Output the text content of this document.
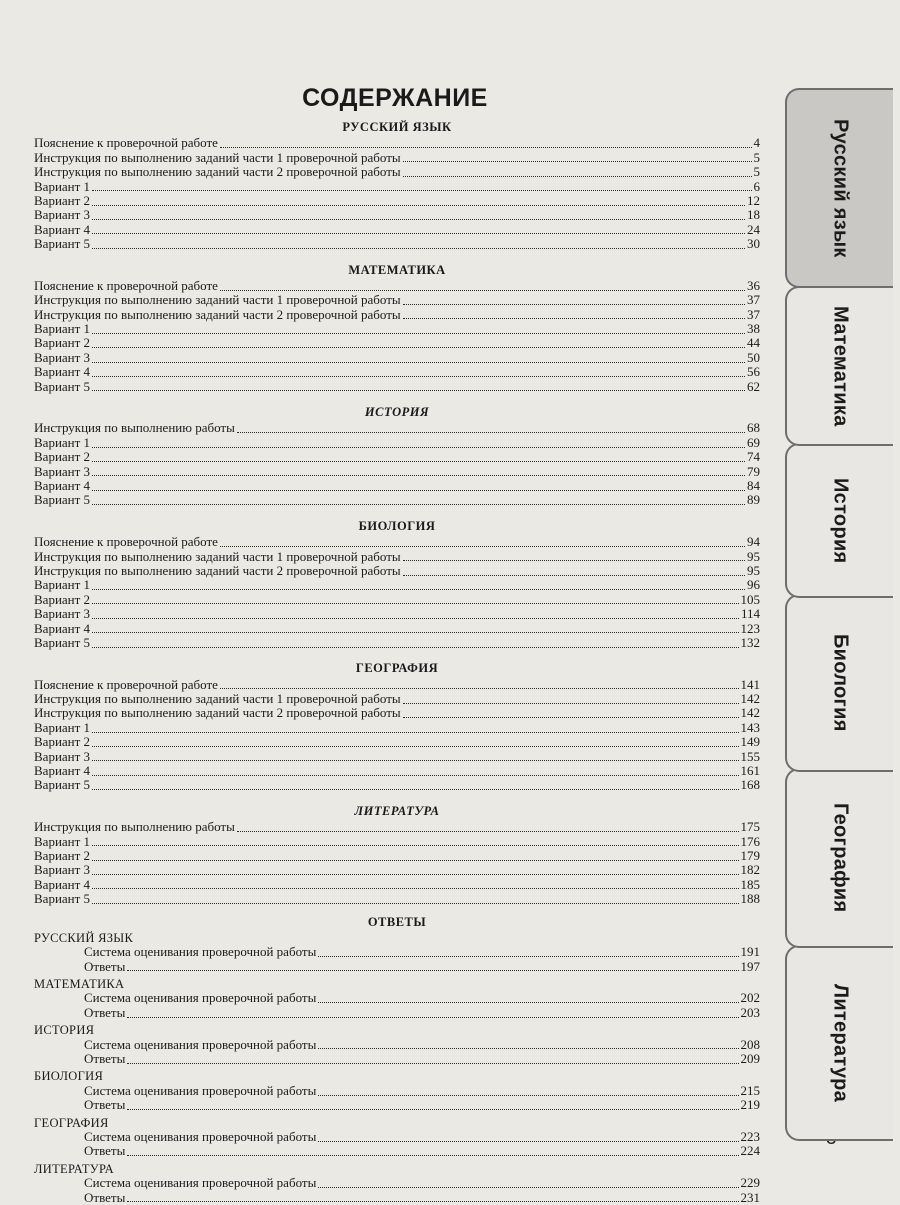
СОДЕРЖАНИЕ
РУССКИЙ ЯЗЫК
Пояснение к проверочной работе	4
Инструкция по выполнению заданий части 1 проверочной работы	5
Инструкция по выполнению заданий части 2 проверочной работы	5
Вариант 1	6
Вариант 2	12
Вариант 3	18
Вариант 4	24
Вариант 5	30
МАТЕМАТИКА
Пояснение к проверочной работе	36
Инструкция по выполнению заданий части 1 проверочной работы	37
Инструкция по выполнению заданий части 2 проверочной работы	37
Вариант 1	38
Вариант 2	44
Вариант 3	50
Вариант 4	56
Вариант 5	62
ИСТОРИЯ
Инструкция по выполнению работы	68
Вариант 1	69
Вариант 2	74
Вариант 3	79
Вариант 4	84
Вариант 5	89
БИОЛОГИЯ
Пояснение к проверочной работе	94
Инструкция по выполнению заданий части 1 проверочной работы	95
Инструкция по выполнению заданий части 2 проверочной работы	95
Вариант 1	96
Вариант 2	105
Вариант 3	114
Вариант 4	123
Вариант 5	132
ГЕОГРАФИЯ
Пояснение к проверочной работе	141
Инструкция по выполнению заданий части 1 проверочной работы	142
Инструкция по выполнению заданий части 2 проверочной работы	142
Вариант 1	143
Вариант 2	149
Вариант 3	155
Вариант 4	161
Вариант 5	168
ЛИТЕРАТУРА
Инструкция по выполнению работы	175
Вариант 1	176
Вариант 2	179
Вариант 3	182
Вариант 4	185
Вариант 5	188
ОТВЕТЫ
РУССКИЙ ЯЗЫК
Система оценивания проверочной работы	191
Ответы	197
МАТЕМАТИКА
Система оценивания проверочной работы	202
Ответы	203
ИСТОРИЯ
Система оценивания проверочной работы	208
Ответы	209
БИОЛОГИЯ
Система оценивания проверочной работы	215
Ответы	219
ГЕОГРАФИЯ
Система оценивания проверочной работы	223
Ответы	224
ЛИТЕРАТУРА
Система оценивания проверочной работы	229
Ответы	231
Русский язык
Математика
История
Биология
География
Литература
